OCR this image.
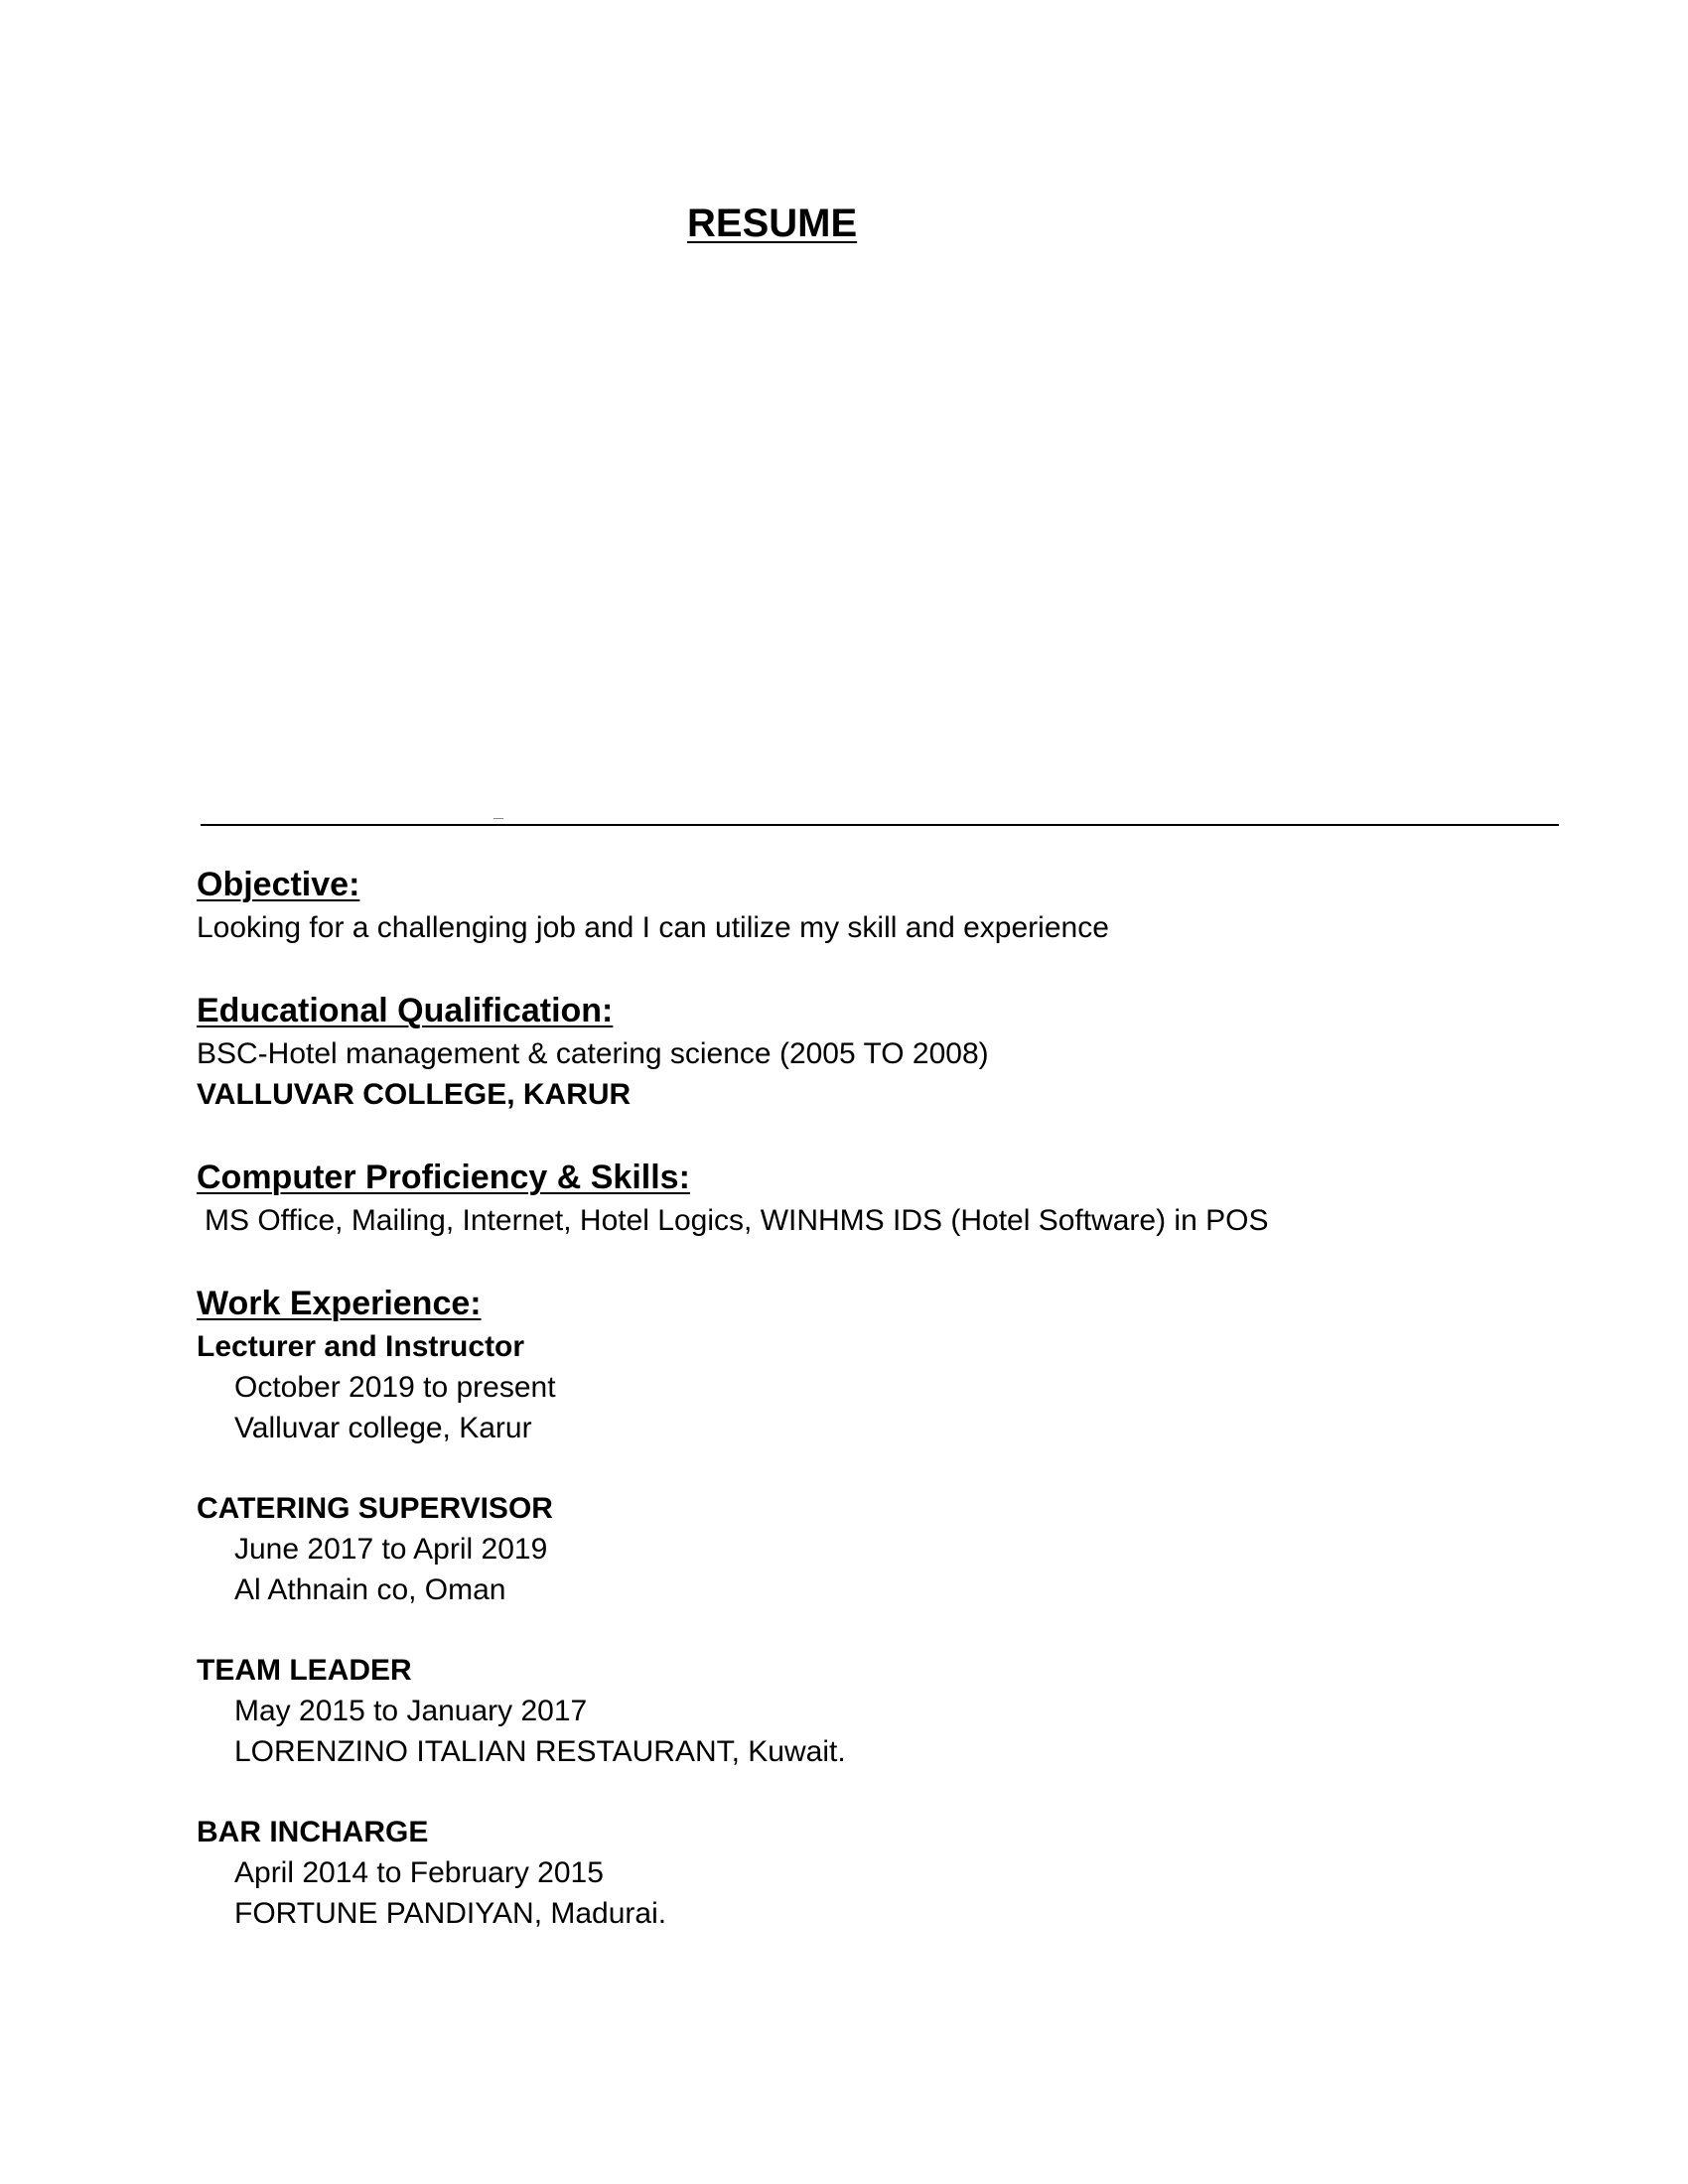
RESUME
Objective:

Looking for a challenging job and I can utilize my skill and experience

Educational Qualification:

BSC-Hotel management & catering science (2005 TO 2008)

VALLUVAR COLLEGE, KARUR

Computer Proficiency & Skills:

MS Office, Mailing, Internet, Hotel Logics, WINHMS IDS (Hotel Software) in POS

Work Experience:

Lecturer and Instructor

October 2019 to present

Valluvar college, Karur

CATERING SUPERVISOR

June 2017 to April 2019

Al Athnain co, Oman

TEAM LEADER

May 2015 to January 2017

LORENZINO ITALIAN RESTAURANT, Kuwait.

BAR INCHARGE

April 2014 to February 2015

FORTUNE PANDIYAN, Madurai.
